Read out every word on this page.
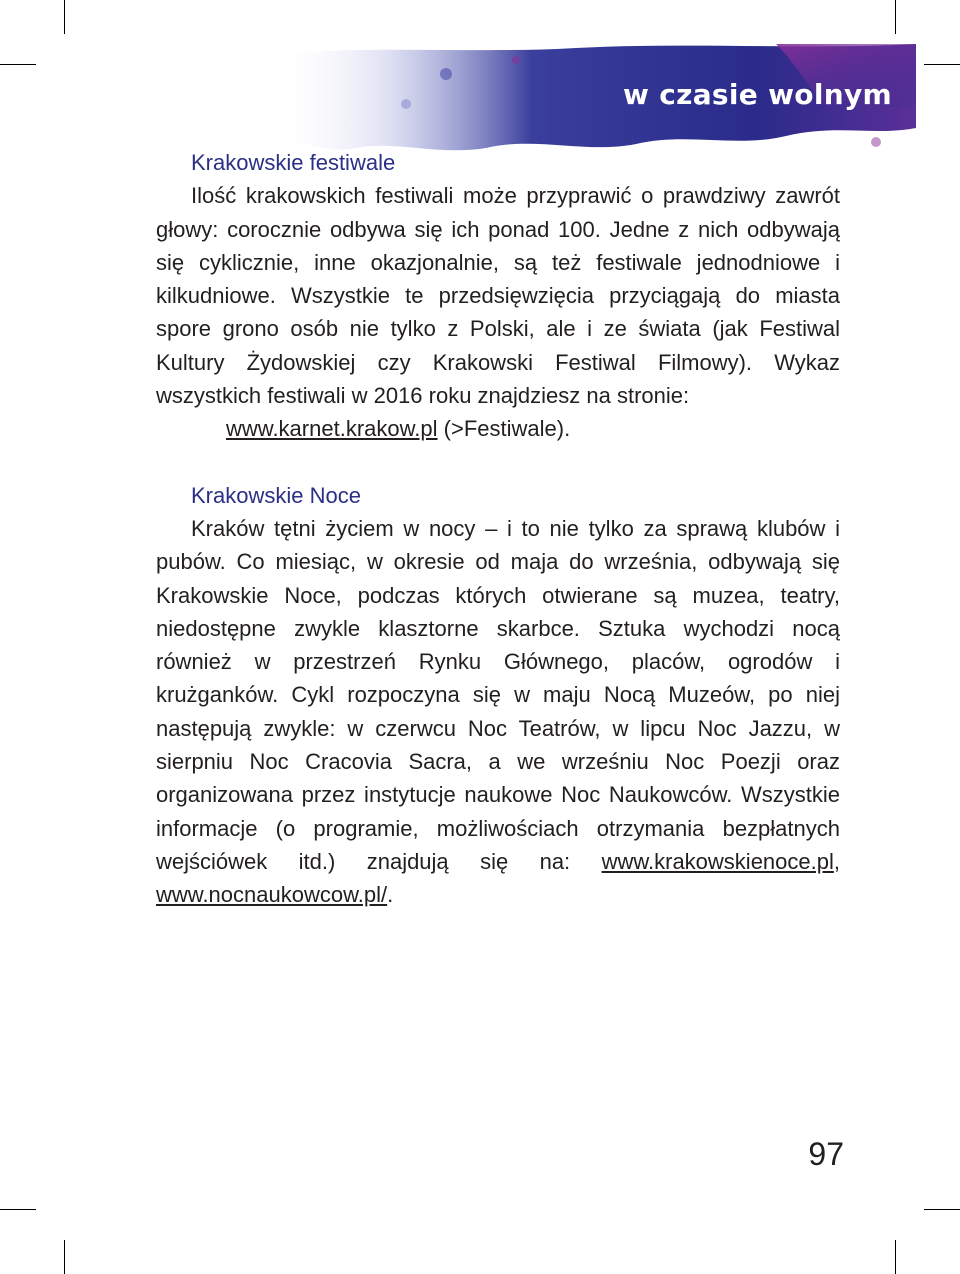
w czasie wolnym
Krakowskie festiwale

Ilość krakowskich festiwali może przyprawić o prawdziwy zawrót głowy: corocznie odbywa się ich ponad 100. Jedne z nich odbywają się cyklicznie, inne okazjonalnie, są też festiwale jednodniowe i kilkudniowe. Wszystkie te przedsięwzięcia przyciągają do miasta spore grono osób nie tylko z Polski, ale i ze świata (jak Festiwal Kultury Żydowskiej czy Krakowski Festiwal Filmowy). Wykaz wszystkich festiwali w 2016 roku znajdziesz na stronie:
www.karnet.krakow.pl (>Festiwale).

Krakowskie Noce

Kraków tętni życiem w nocy – i to nie tylko za sprawą klubów i pubów. Co miesiąc, w okresie od maja do września, odbywają się Krakowskie Noce, podczas których otwierane są muzea, teatry, niedostępne zwykle klasztorne skarbce. Sztuka wychodzi nocą również w przestrzeń Rynku Głównego, placów, ogrodów i krużganków. Cykl rozpoczyna się w maju Nocą Muzeów, po niej następują zwykle: w czerwcu Noc Teatrów, w lipcu Noc Jazzu, w sierpniu Noc Cracovia Sacra, a we wrześniu Noc Poezji oraz organizowana przez instytucje naukowe Noc Naukowców. Wszystkie informacje (o programie, możliwościach otrzymania bezpłatnych wejściówek itd.) znajdują się na: www.krakowskienoce.pl, www.nocnaukowcow.pl/.

97
